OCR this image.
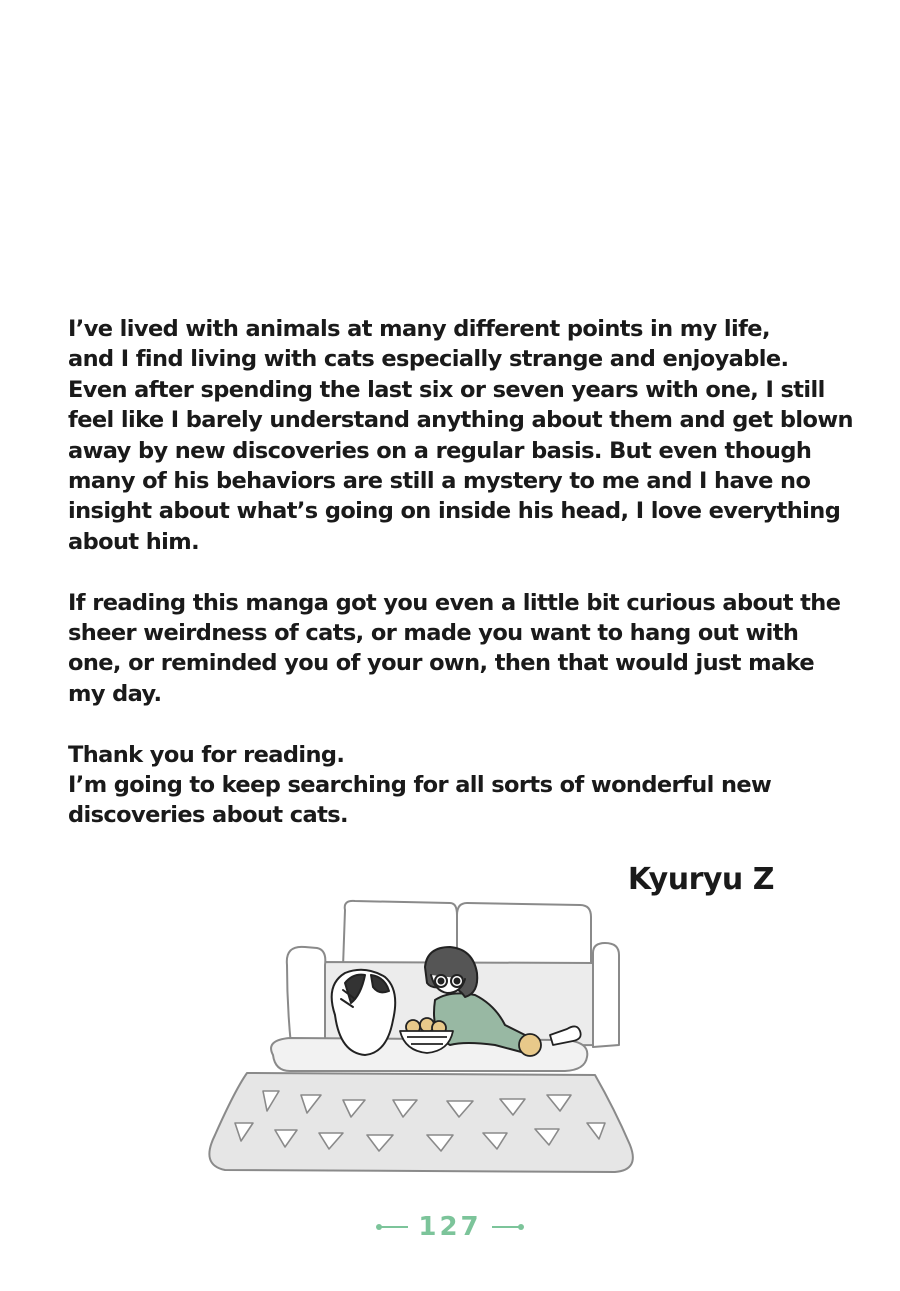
I’ve lived with animals at many different points in my life,
and I find living with cats especially strange and enjoyable.
Even after spending the last six or seven years with one, I still
feel like I barely understand anything about them and get blown
away by new discoveries on a regular basis. But even though
many of his behaviors are still a mystery to me and I have no
insight about what’s going on inside his head, I love everything
about him.
If reading this manga got you even a little bit curious about the
sheer weirdness of cats, or made you want to hang out with
one, or reminded you of your own, then that would just make
my day.
Thank you for reading.
I’m going to keep searching for all sorts of wonderful new
discoveries about cats.
Kyuryu Z
127
